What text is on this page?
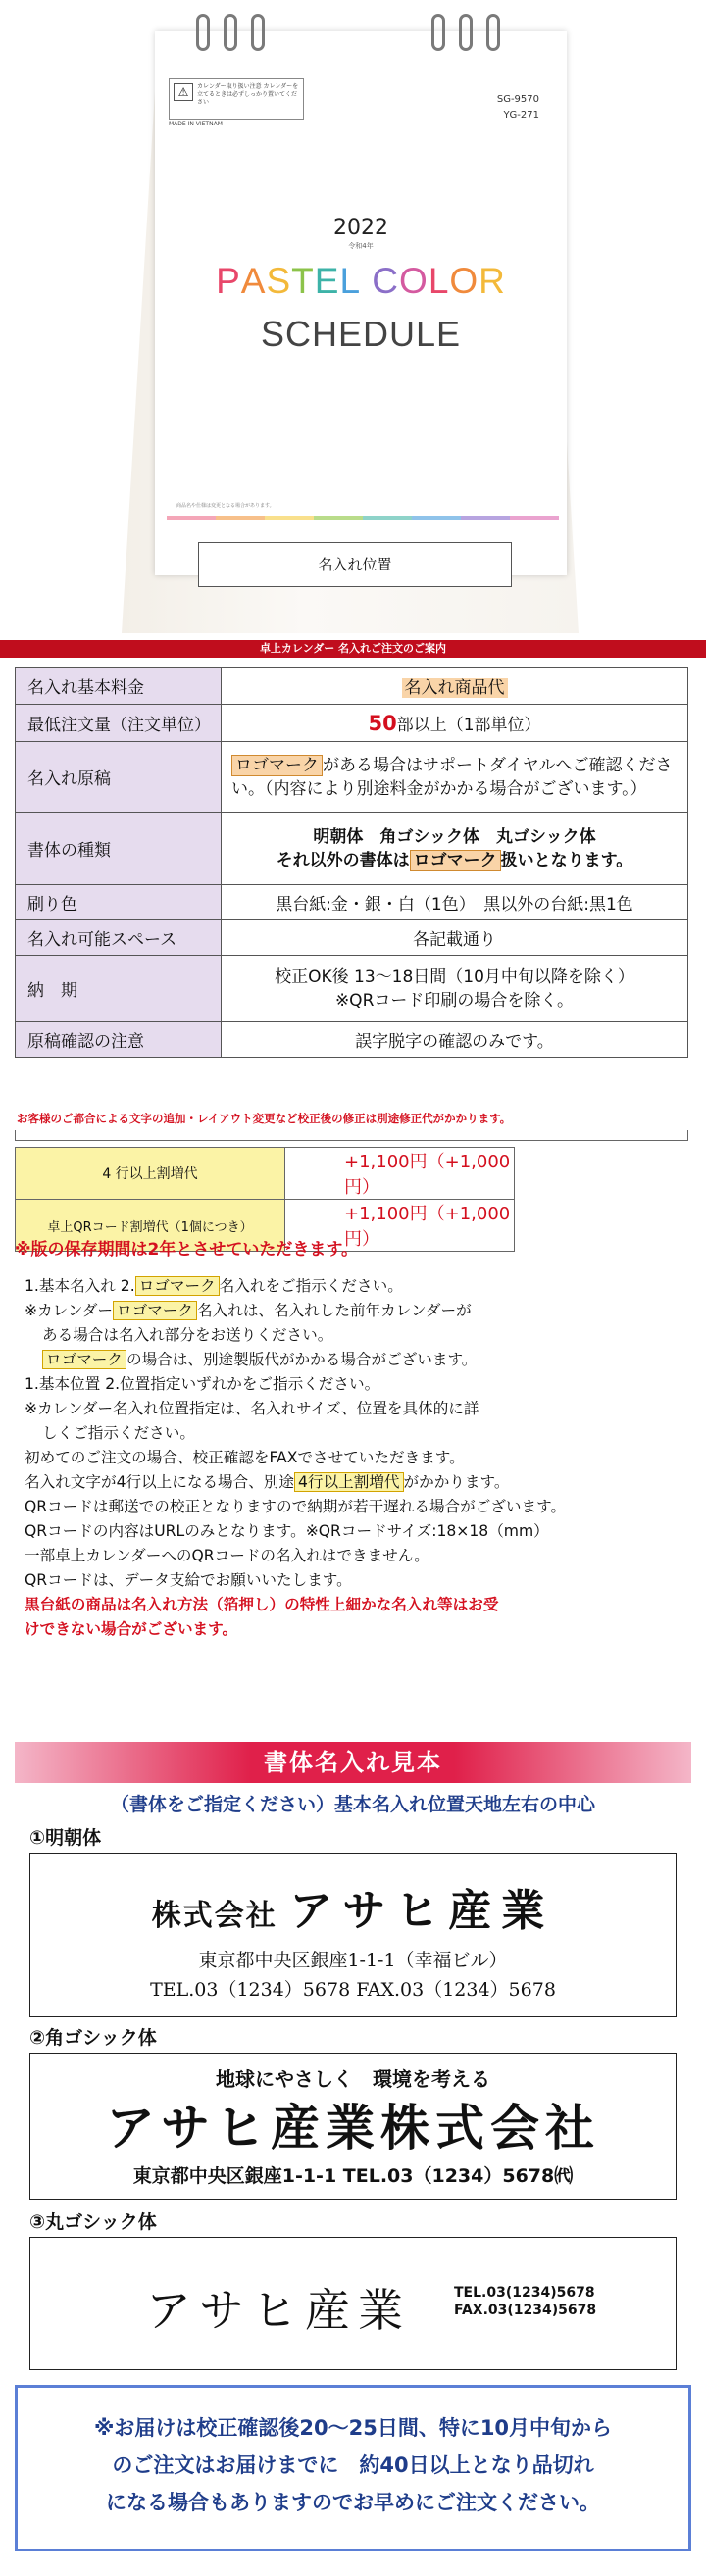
⚠	カレンダー取り扱い注意 カレンダーを立てるときは必ずしっかり置いてください
MADE IN VIETNAM
SG-9570
YG-271
2022
令和4年
PASTEL COLOR
SCHEDULE
商品名や仕様は変更となる場合があります。
名入れ位置
卓上カレンダー 名入れご注文のご案内
名入れ基本料金	名入れ商品代
最低注文量（注文単位）	50部以上（1部単位）
名入れ原稿	ロゴマーク がある場合はサポートダイヤルへご確認くださ
い。（内容により別途料金がかかる場合がございます。）
書体の種類	明朝体　角ゴシック体　丸ゴシック体
それ以外の書体は ロゴマーク 扱いとなります。
刷り色	黒台紙:金・銀・白（1色）　黒以外の台紙:黒1色
名入れ可能スペース	各記載通り
納　期	校正OK後 13～18日間（10月中旬以降を除く）
※QRコード印刷の場合を除く。
原稿確認の注意	誤字脱字の確認のみです。
お客様のご都合による文字の追加・レイアウト変更など校正後の修正は別途修正代がかかります。
4 行以上割増代	+1,100円（+1,000円）
卓上QRコード割増代（1個につき）	+1,100円（+1,000円）
※版の保存期間は2年とさせていただきます。

1.基本名入れ 2. ロゴマーク 名入れをご指示ください。

※カレンダー ロゴマーク 名入れは、名入れした前年カレンダーが

ある場合は名入れ部分をお送りください。

ロゴマーク の場合は、別途製版代がかかる場合がございます。

1.基本位置 2.位置指定いずれかをご指示ください。

※カレンダー名入れ位置指定は、名入れサイズ、位置を具体的に詳

しくご指示ください。

初めてのご注文の場合、校正確認をFAXでさせていただきます。

名入れ文字が4行以上になる場合、別途 4行以上割増代 がかかります。

QRコードは郵送での校正となりますので納期が若干遅れる場合がございます。

QRコードの内容はURLのみとなります。※QRコードサイズ:18×18（mm）

一部卓上カレンダーへのQRコードの名入れはできません。

QRコードは、データ支給でお願いいたします。

黒台紙の商品は名入れ方法（箔押し）の特性上細かな名入れ等はお受

けできない場合がございます。

書体名入れ見本
（書体をご指定ください）基本名入れ位置天地左右の中心
①明朝体
株式会社 アサヒ産業
東京都中央区銀座1-1-1（幸福ビル）
TEL.03（1234）5678 FAX.03（1234）5678
②角ゴシック体
地球にやさしく　環境を考える
アサヒ産業株式会社
東京都中央区銀座1-1-1 TEL.03（1234）5678㈹
③丸ゴシック体
アサヒ産業	TEL.03(1234)5678
FAX.03(1234)5678
※お届けは校正確認後20～25日間、特に10月中旬から
のご注文はお届けまでに　約40日以上となり品切れ
になる場合もありますのでお早めにご注文ください。
